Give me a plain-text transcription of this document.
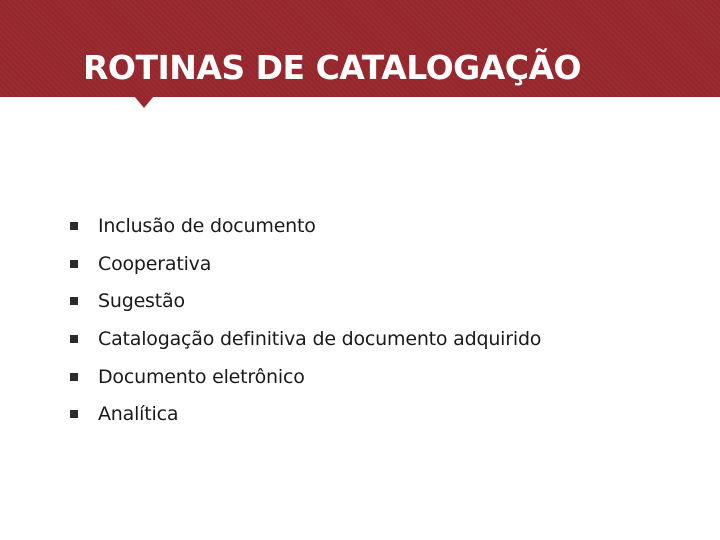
ROTINAS DE CATALOGAÇÃO
Inclusão de documento
Cooperativa
Sugestão
Catalogação definitiva de documento adquirido
Documento eletrônico
Analítica
